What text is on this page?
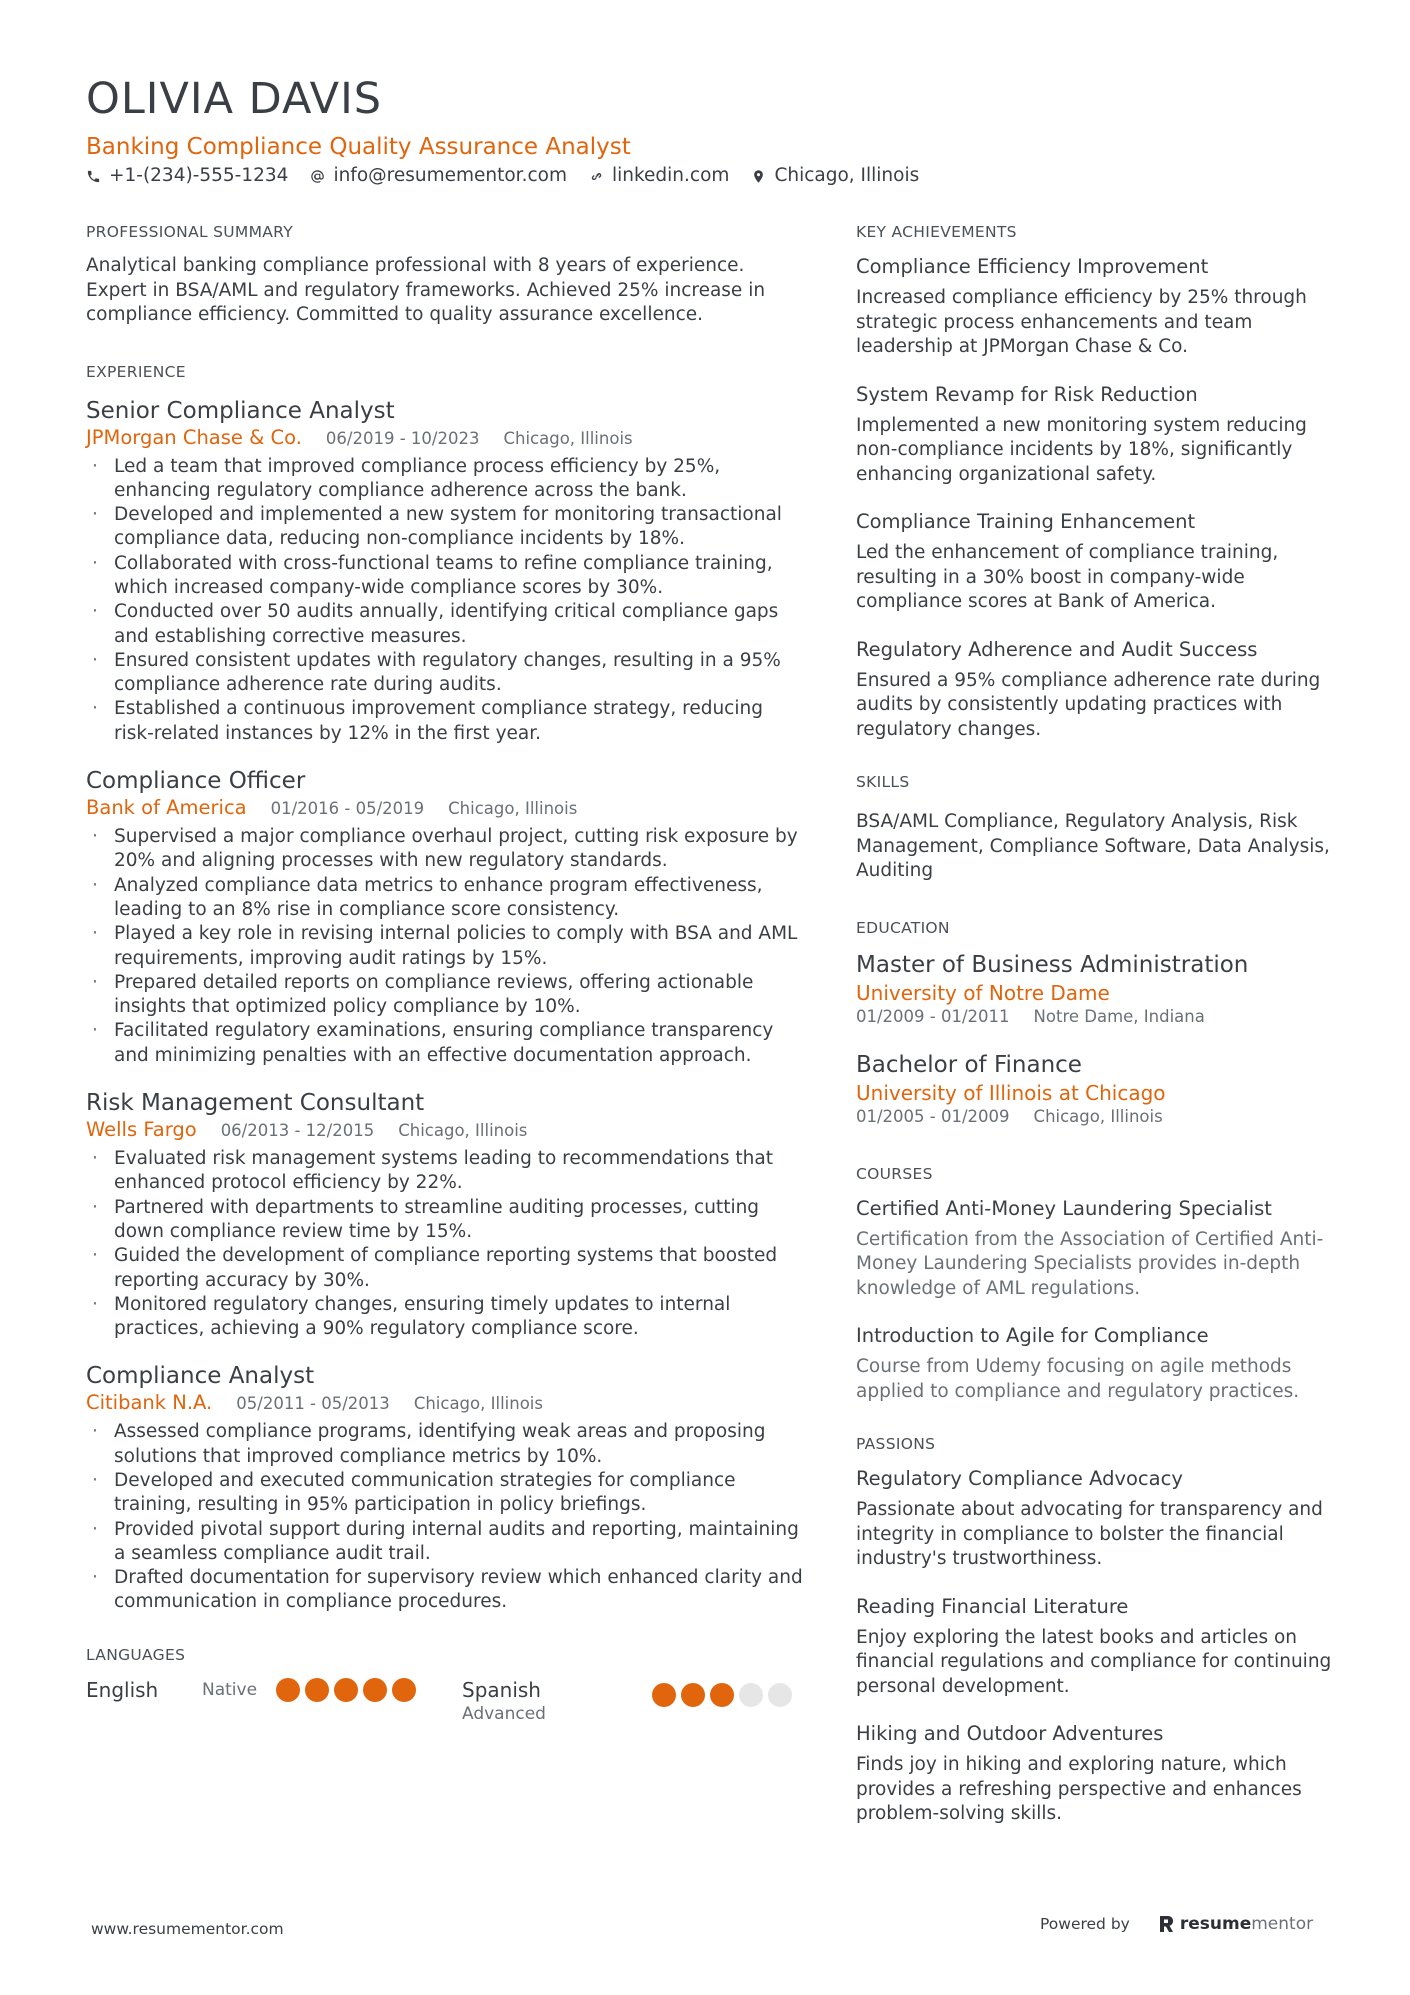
OLIVIA DAVIS
Banking Compliance Quality Assurance Analyst
+1-(234)-555-1234 info@resumementor.com linkedin.com Chicago, Illinois
PROFESSIONAL SUMMARY

Analytical banking compliance professional with 8 years of experience. Expert in BSA/AML and regulatory frameworks. Achieved 25% increase in compliance efficiency. Committed to quality assurance excellence.

EXPERIENCE
Senior Compliance Analyst
JPMorgan Chase & Co. 06/2019 - 10/2023 Chicago, Illinois
· Led a team that improved compliance process efficiency by 25%, enhancing regulatory compliance adherence across the bank.
· Developed and implemented a new system for monitoring transactional compliance data, reducing non-compliance incidents by 18%.
· Collaborated with cross-functional teams to refine compliance training, which increased company-wide compliance scores by 30%.
· Conducted over 50 audits annually, identifying critical compliance gaps and establishing corrective measures.
· Ensured consistent updates with regulatory changes, resulting in a 95% compliance adherence rate during audits.
· Established a continuous improvement compliance strategy, reducing risk-related instances by 12% in the first year.
Compliance Officer
Bank of America 01/2016 - 05/2019 Chicago, Illinois
· Supervised a major compliance overhaul project, cutting risk exposure by 20% and aligning processes with new regulatory standards.
· Analyzed compliance data metrics to enhance program effectiveness, leading to an 8% rise in compliance score consistency.
· Played a key role in revising internal policies to comply with BSA and AML requirements, improving audit ratings by 15%.
· Prepared detailed reports on compliance reviews, offering actionable insights that optimized policy compliance by 10%.
· Facilitated regulatory examinations, ensuring compliance transparency and minimizing penalties with an effective documentation approach.
Risk Management Consultant
Wells Fargo 06/2013 - 12/2015 Chicago, Illinois
· Evaluated risk management systems leading to recommendations that enhanced protocol efficiency by 22%.
· Partnered with departments to streamline auditing processes, cutting down compliance review time by 15%.
· Guided the development of compliance reporting systems that boosted reporting accuracy by 30%.
· Monitored regulatory changes, ensuring timely updates to internal practices, achieving a 90% regulatory compliance score.
Compliance Analyst
Citibank N.A. 05/2011 - 05/2013 Chicago, Illinois
· Assessed compliance programs, identifying weak areas and proposing solutions that improved compliance metrics by 10%.
· Developed and executed communication strategies for compliance training, resulting in 95% participation in policy briefings.
· Provided pivotal support during internal audits and reporting, maintaining a seamless compliance audit trail.
· Drafted documentation for supervisory review which enhanced clarity and communication in compliance procedures.
LANGUAGES
English	Native	Spanish
Advanced
KEY ACHIEVEMENTS
Compliance Efficiency Improvement

Increased compliance efficiency by 25% through strategic process enhancements and team leadership at JPMorgan Chase & Co.

System Revamp for Risk Reduction

Implemented a new monitoring system reducing non-compliance incidents by 18%, significantly enhancing organizational safety.

Compliance Training Enhancement

Led the enhancement of compliance training, resulting in a 30% boost in company-wide compliance scores at Bank of America.

Regulatory Adherence and Audit Success

Ensured a 95% compliance adherence rate during audits by consistently updating practices with regulatory changes.

SKILLS

BSA/AML Compliance, Regulatory Analysis, Risk Management, Compliance Software, Data Analysis, Auditing

EDUCATION
Master of Business Administration
University of Notre Dame
01/2009 - 01/2011 Notre Dame, Indiana
Bachelor of Finance
University of Illinois at Chicago
01/2005 - 01/2009 Chicago, Illinois
COURSES
Certified Anti-Money Laundering Specialist

Certification from the Association of Certified Anti-Money Laundering Specialists provides in-depth knowledge of AML regulations.

Introduction to Agile for Compliance

Course from Udemy focusing on agile methods applied to compliance and regulatory practices.

PASSIONS
Regulatory Compliance Advocacy

Passionate about advocating for transparency and integrity in compliance to bolster the financial industry's trustworthiness.

Reading Financial Literature

Enjoy exploring the latest books and articles on financial regulations and compliance for continuing personal development.

Hiking and Outdoor Adventures

Finds joy in hiking and exploring nature, which provides a refreshing perspective and enhances problem-solving skills.

www.resumementor.com	Powered by	resumementor
